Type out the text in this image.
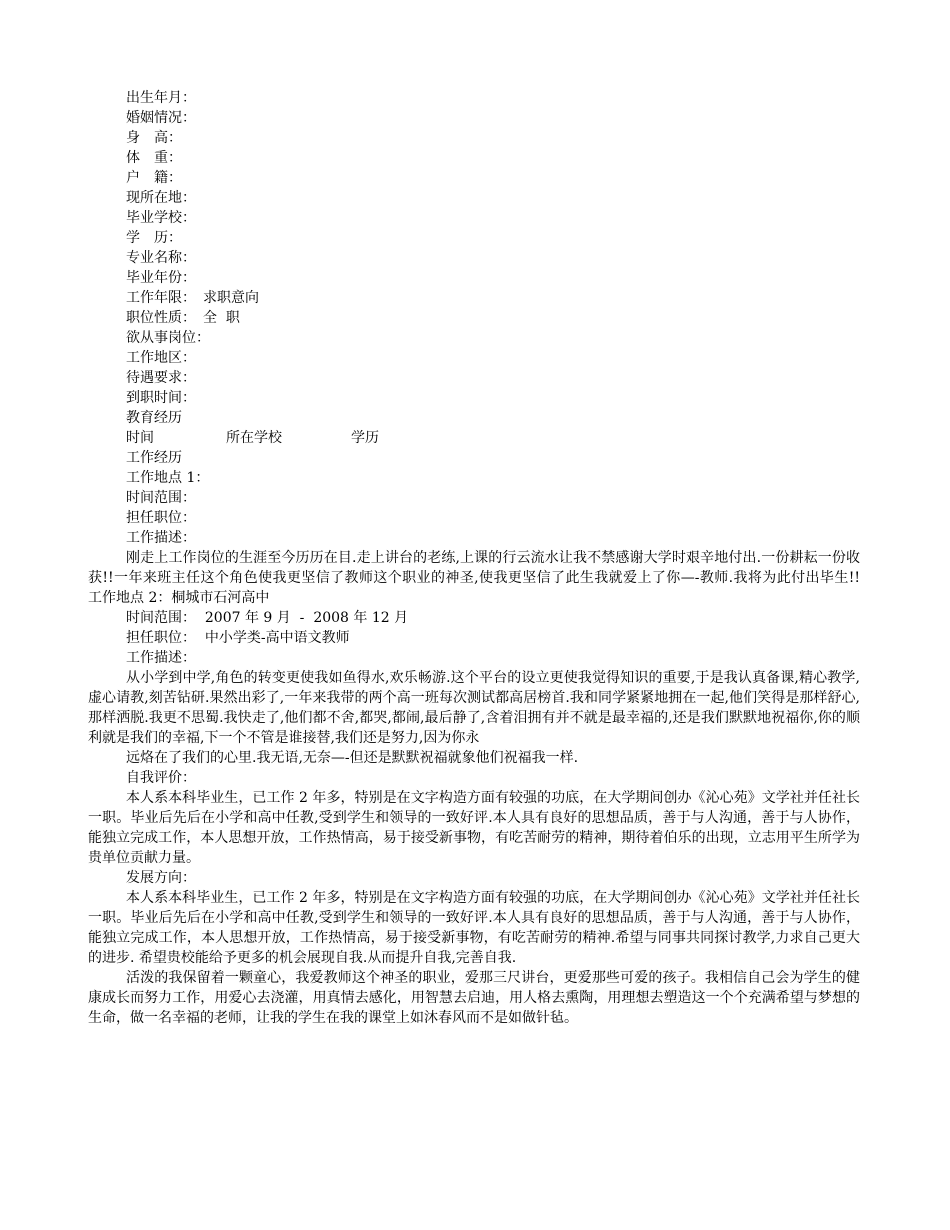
出生年月：
婚姻情况：
身　高：
体　重：
户　籍：
现所在地：
毕业学校：
学　历：
专业名称：
毕业年份：
工作年限：　求职意向
职位性质：　全  职
欲从事岗位：
工作地区：
待遇要求：
到职时间：
教育经历
时间	所在学校	学历
工作经历
工作地点 1：
时间范围：
担任职位：
工作描述：
刚走上工作岗位的生涯至今历历在目.走上讲台的老练,上课的行云流水让我不禁感谢大学时艰辛地付出.一份耕耘一份收获!!一年来班主任这个角色使我更坚信了教师这个职业的神圣,使我更坚信了此生我就爱上了你—-教师.我将为此付出毕生!!　工作地点 2：桐城市石河高中
时间范围：  2007 年 9 月  -  2008 年 12 月
担任职位：  中小学类-高中语文教师
工作描述：
从小学到中学,角色的转变更使我如鱼得水,欢乐畅游.这个平台的设立更使我觉得知识的重要,于是我认真备课,精心教学,虚心请教,刻苦钻研.果然出彩了,一年来我带的两个高一班每次测试都高居榜首.我和同学紧紧地拥在一起,他们笑得是那样舒心,那样洒脱.我更不思蜀.我快走了,他们都不舍,都哭,都闹,最后静了,含着泪拥有并不就是最幸福的,还是我们默默地祝福你,你的顺利就是我们的幸福,下一个不管是谁接替,我们还是努力,因为你永
远烙在了我们的心里.我无语,无奈—-但还是默默祝福就象他们祝福我一样.
自我评价：
本人系本科毕业生，已工作 2 年多，特别是在文字构造方面有较强的功底，在大学期间创办《沁心苑》文学社并任社长一职。毕业后先后在小学和高中任教,受到学生和领导的一致好评.本人具有良好的思想品质，善于与人沟通，善于与人协作，能独立完成工作，本人思想开放，工作热情高，易于接受新事物，有吃苦耐劳的精神，期待着伯乐的出现，立志用平生所学为贵单位贡献力量。
发展方向：
本人系本科毕业生，已工作 2 年多，特别是在文字构造方面有较强的功底，在大学期间创办《沁心苑》文学社并任社长一职。毕业后先后在小学和高中任教,受到学生和领导的一致好评.本人具有良好的思想品质，善于与人沟通，善于与人协作，能独立完成工作，本人思想开放，工作热情高，易于接受新事物，有吃苦耐劳的精神.希望与同事共同探讨教学,力求自己更大的进步. 希望贵校能给予更多的机会展现自我.从而提升自我,完善自我.
活泼的我保留着一颗童心，我爱教师这个神圣的职业，爱那三尺讲台，更爱那些可爱的孩子。我相信自己会为学生的健康成长而努力工作，用爱心去浇灌，用真情去感化，用智慧去启迪，用人格去熏陶，用理想去塑造这一个个充满希望与梦想的生命，做一名幸福的老师，让我的学生在我的课堂上如沐春风而不是如做针毡。
